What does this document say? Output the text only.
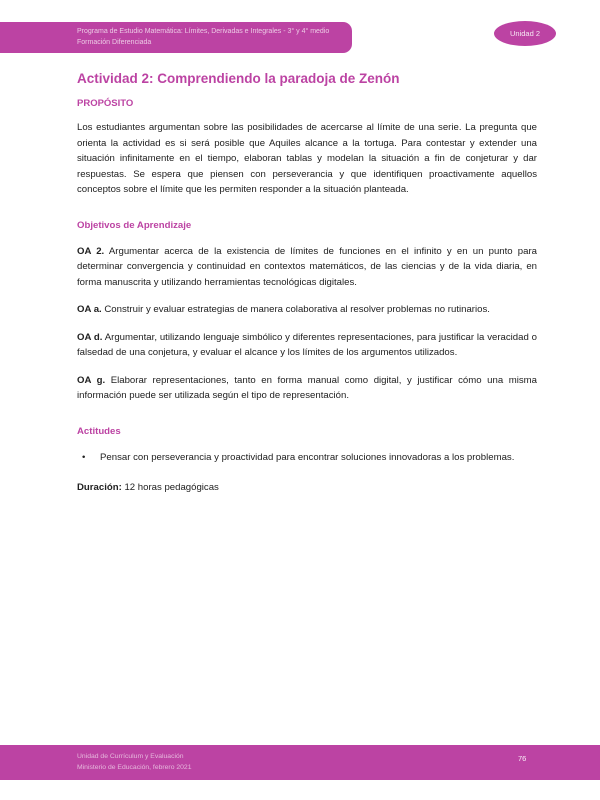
Programa de Estudio Matemática: Límites, Derivadas e Integrales - 3° y 4° medio
Formación Diferenciada
Unidad 2
Actividad 2: Comprendiendo la paradoja de Zenón
PROPÓSITO

Los estudiantes argumentan sobre las posibilidades de acercarse al límite de una serie. La pregunta que orienta la actividad es si será posible que Aquiles alcance a la tortuga. Para contestar y extender una situación infinitamente en el tiempo, elaboran tablas y modelan la situación a fin de conjeturar y dar respuestas. Se espera que piensen con perseverancia y que identifiquen proactivamente aquellos conceptos sobre el límite que les permiten responder a la situación planteada.

Objetivos de Aprendizaje

OA 2. Argumentar acerca de la existencia de límites de funciones en el infinito y en un punto para determinar convergencia y continuidad en contextos matemáticos, de las ciencias y de la vida diaria, en forma manuscrita y utilizando herramientas tecnológicas digitales.

OA a. Construir y evaluar estrategias de manera colaborativa al resolver problemas no rutinarios.

OA d. Argumentar, utilizando lenguaje simbólico y diferentes representaciones, para justificar la veracidad o falsedad de una conjetura, y evaluar el alcance y los límites de los argumentos utilizados.

OA g. Elaborar representaciones, tanto en forma manual como digital, y justificar cómo una misma información puede ser utilizada según el tipo de representación.

Actitudes
• Pensar con perseverancia y proactividad para encontrar soluciones innovadoras a los problemas.

Duración: 12 horas pedagógicas

Unidad de Currículum y Evaluación
Ministerio de Educación, febrero 2021
76
